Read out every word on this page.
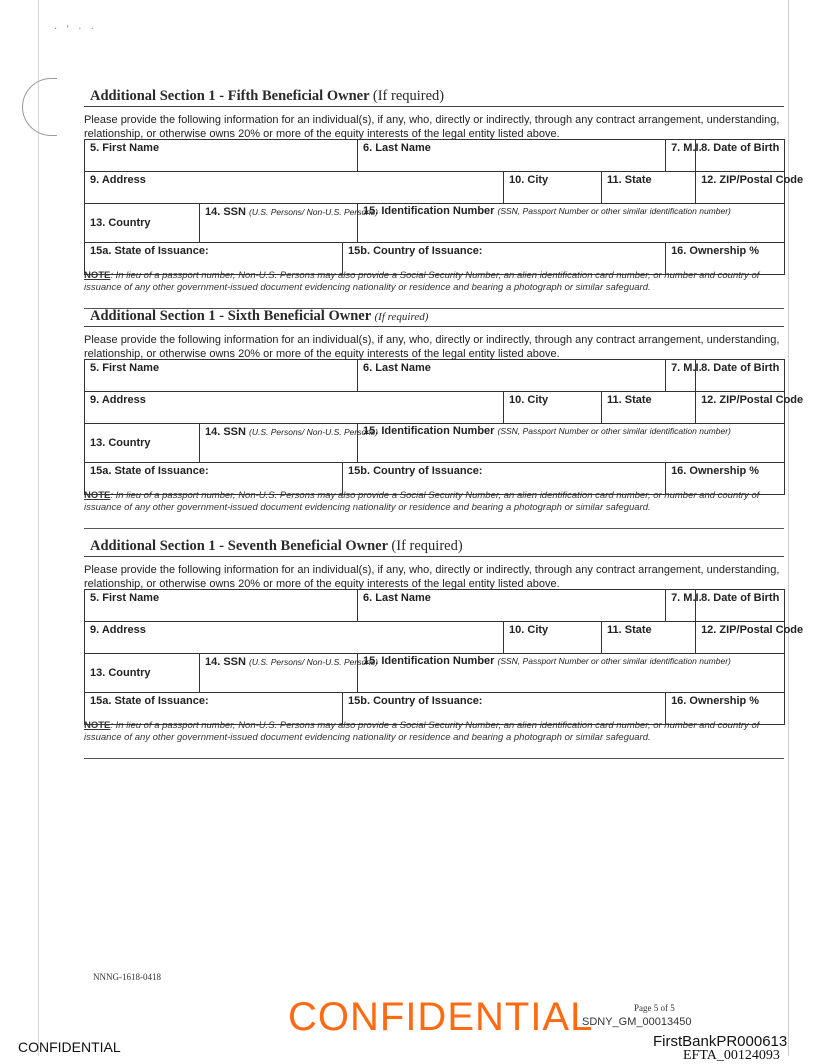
· ' · ·
Additional Section 1 - Fifth Beneficial Owner (If required)
Please provide the following information for an individual(s), if any, who, directly or indirectly, through any contract arrangement, understanding, relationship, or otherwise owns 20% or more of the equity interests of the legal entity listed above.
5. First Name			6. Last Name			7. M.I.	8. Date of Birth
9. Address				10. City	11. State		12. ZIP/Postal Code
13. Country	14. SSN (U.S. Persons/ Non-U.S. Persons)		15. Identification Number (SSN, Passport Number or other similar identification number)				
15a. State of Issuance:		15b. Country of Issuance:				16. Ownership %	
NOTE: In lieu of a passport number, Non-U.S. Persons may also provide a Social Security Number, an alien identification card number, or number and country of issuance of any other government-issued document evidencing nationality or residence and bearing a photograph or similar safeguard.
Additional Section 1 - Sixth Beneficial Owner (If required)
Please provide the following information for an individual(s), if any, who, directly or indirectly, through any contract arrangement, understanding, relationship, or otherwise owns 20% or more of the equity interests of the legal entity listed above.
5. First Name			6. Last Name			7. M.I.	8. Date of Birth
9. Address				10. City	11. State		12. ZIP/Postal Code
13. Country	14. SSN (U.S. Persons/ Non-U.S. Persons)		15. Identification Number (SSN, Passport Number or other similar identification number)				
15a. State of Issuance:		15b. Country of Issuance:				16. Ownership %	
NOTE: In lieu of a passport number, Non-U.S. Persons may also provide a Social Security Number, an alien identification card number, or number and country of issuance of any other government-issued document evidencing nationality or residence and bearing a photograph or similar safeguard.
Additional Section 1 - Seventh Beneficial Owner (If required)
Please provide the following information for an individual(s), if any, who, directly or indirectly, through any contract arrangement, understanding, relationship, or otherwise owns 20% or more of the equity interests of the legal entity listed above.
5. First Name			6. Last Name			7. M.I.	8. Date of Birth
9. Address				10. City	11. State		12. ZIP/Postal Code
13. Country	14. SSN (U.S. Persons/ Non-U.S. Persons)		15. Identification Number (SSN, Passport Number or other similar identification number)				
15a. State of Issuance:		15b. Country of Issuance:				16. Ownership %	
NOTE: In lieu of a passport number, Non-U.S. Persons may also provide a Social Security Number, an alien identification card number, or number and country of issuance of any other government-issued document evidencing nationality or residence and bearing a photograph or similar safeguard.
NNNG-1618-0418
Page 5 of 5
SDNY_GM_00013450
CONFIDENTIAL
CONFIDENTIAL
FirstBankPR000613
EFTA_00124093
